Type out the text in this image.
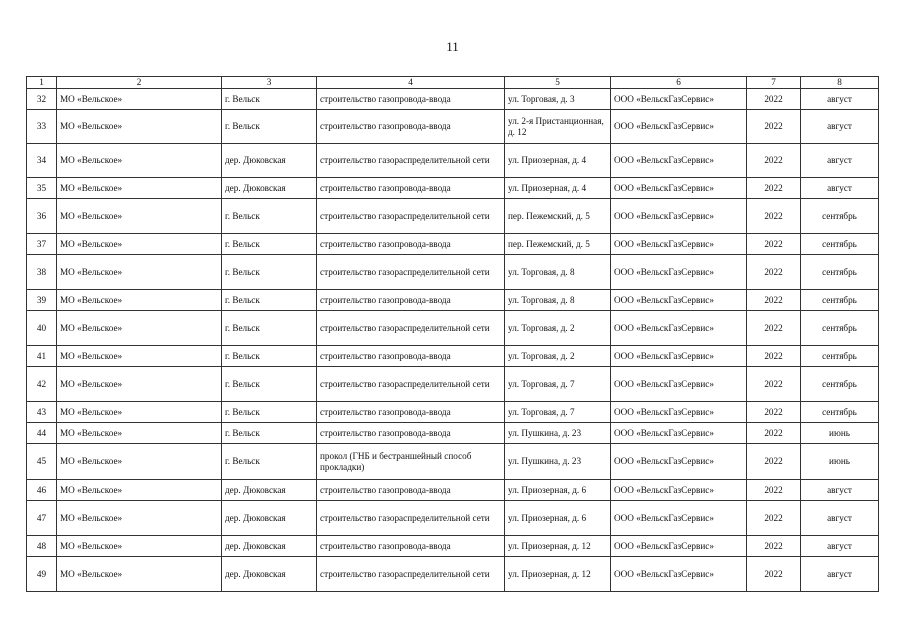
11
1	2	3	4	5	6	7	8
32	МО «Вельское»	г. Вельск	строительство газопровода-ввода	ул. Торговая, д. 3	ООО «ВельскГазСервис»	2022	август
33	МО «Вельское»	г. Вельск	строительство газопровода-ввода	ул. 2-я Пристанционная, д. 12	ООО «ВельскГазСервис»	2022	август
34	МО «Вельское»	дер. Дюковская	строительство газораспределительной сети	ул. Приозерная, д. 4	ООО «ВельскГазСервис»	2022	август
35	МО «Вельское»	дер. Дюковская	строительство газопровода-ввода	ул. Приозерная, д. 4	ООО «ВельскГазСервис»	2022	август
36	МО «Вельское»	г. Вельск	строительство газораспределительной сети	пер. Пежемский, д. 5	ООО «ВельскГазСервис»	2022	сентябрь
37	МО «Вельское»	г. Вельск	строительство газопровода-ввода	пер. Пежемский, д. 5	ООО «ВельскГазСервис»	2022	сентябрь
38	МО «Вельское»	г. Вельск	строительство газораспределительной сети	ул. Торговая, д. 8	ООО «ВельскГазСервис»	2022	сентябрь
39	МО «Вельское»	г. Вельск	строительство газопровода-ввода	ул. Торговая, д. 8	ООО «ВельскГазСервис»	2022	сентябрь
40	МО «Вельское»	г. Вельск	строительство газораспределительной сети	ул. Торговая, д. 2	ООО «ВельскГазСервис»	2022	сентябрь
41	МО «Вельское»	г. Вельск	строительство газопровода-ввода	ул. Торговая, д. 2	ООО «ВельскГазСервис»	2022	сентябрь
42	МО «Вельское»	г. Вельск	строительство газораспределительной сети	ул. Торговая, д. 7	ООО «ВельскГазСервис»	2022	сентябрь
43	МО «Вельское»	г. Вельск	строительство газопровода-ввода	ул. Торговая, д. 7	ООО «ВельскГазСервис»	2022	сентябрь
44	МО «Вельское»	г. Вельск	строительство газопровода-ввода	ул. Пушкина, д. 23	ООО «ВельскГазСервис»	2022	июнь
45	МО «Вельское»	г. Вельск	прокол (ГНБ и бестраншейный способ прокладки)	ул. Пушкина, д. 23	ООО «ВельскГазСервис»	2022	июнь
46	МО «Вельское»	дер. Дюковская	строительство газопровода-ввода	ул. Приозерная, д. 6	ООО «ВельскГазСервис»	2022	август
47	МО «Вельское»	дер. Дюковская	строительство газораспределительной сети	ул. Приозерная, д. 6	ООО «ВельскГазСервис»	2022	август
48	МО «Вельское»	дер. Дюковская	строительство газопровода-ввода	ул. Приозерная, д. 12	ООО «ВельскГазСервис»	2022	август
49	МО «Вельское»	дер. Дюковская	строительство газораспределительной сети	ул. Приозерная, д. 12	ООО «ВельскГазСервис»	2022	август
